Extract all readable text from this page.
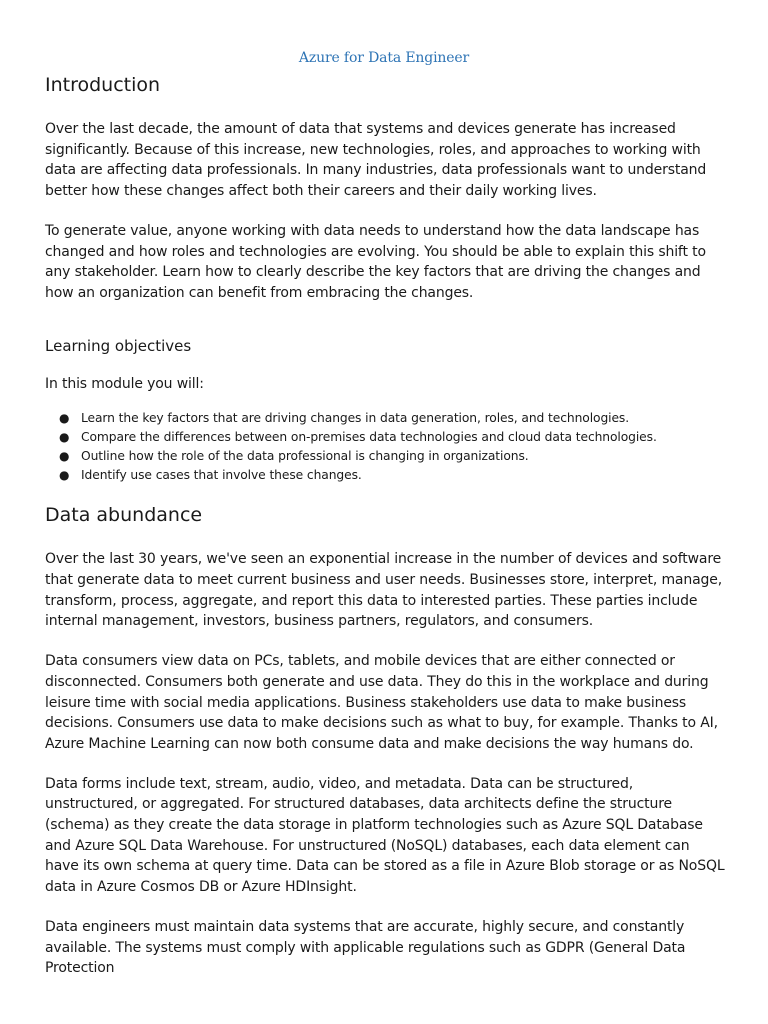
Azure for Data Engineer

Introduction

Over the last decade, the amount of data that systems and devices generate has increased significantly. Because of this increase, new technologies, roles, and approaches to working with data are affecting data professionals. In many industries, data professionals want to understand better how these changes affect both their careers and their daily working lives.

To generate value, anyone working with data needs to understand how the data landscape has changed and how roles and technologies are evolving. You should be able to explain this shift to any stakeholder. Learn how to clearly describe the key factors that are driving the changes and how an organization can benefit from embracing the changes.

Learning objectives

In this module you will:

● Learn the key factors that are driving changes in data generation, roles, and technologies.
● Compare the differences between on-premises data technologies and cloud data technologies.
● Outline how the role of the data professional is changing in organizations.
● Identify use cases that involve these changes.
Data abundance

Over the last 30 years, we've seen an exponential increase in the number of devices and software that generate data to meet current business and user needs. Businesses store, interpret, manage, transform, process, aggregate, and report this data to interested parties. These parties include internal management, investors, business partners, regulators, and consumers.

Data consumers view data on PCs, tablets, and mobile devices that are either connected or disconnected. Consumers both generate and use data. They do this in the workplace and during leisure time with social media applications. Business stakeholders use data to make business decisions. Consumers use data to make decisions such as what to buy, for example. Thanks to AI, Azure Machine Learning can now both consume data and make decisions the way humans do.

Data forms include text, stream, audio, video, and metadata. Data can be structured, unstructured, or aggregated. For structured databases, data architects define the structure (schema) as they create the data storage in platform technologies such as Azure SQL Database and Azure SQL Data Warehouse. For unstructured (NoSQL) databases, each data element can have its own schema at query time. Data can be stored as a file in Azure Blob storage or as NoSQL data in Azure Cosmos DB or Azure HDInsight.

Data engineers must maintain data systems that are accurate, highly secure, and constantly available. The systems must comply with applicable regulations such as GDPR (General Data Protection
